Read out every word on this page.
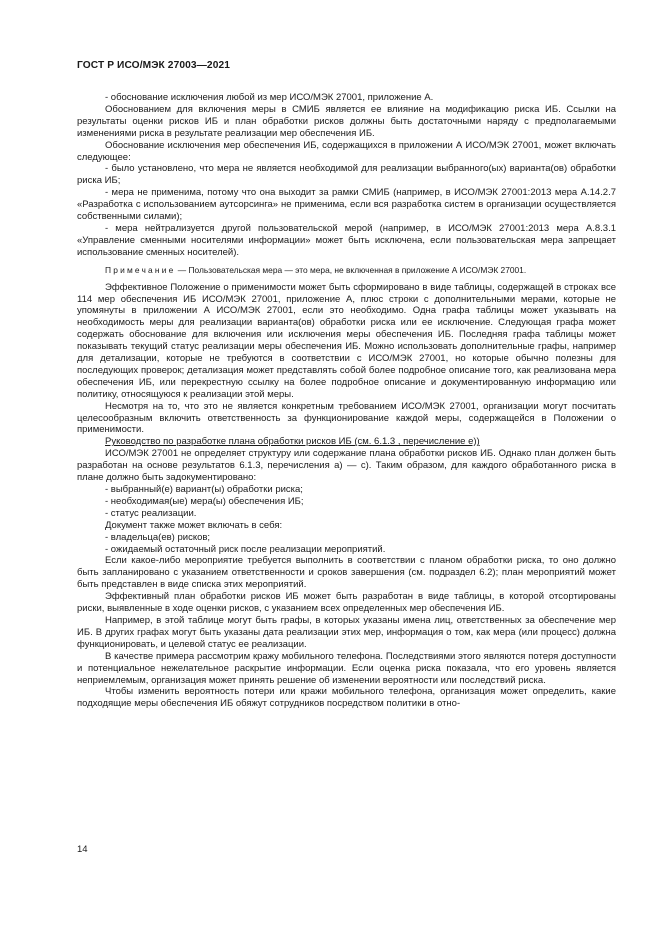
ГОСТ Р ИСО/МЭК 27003—2021

- обоснование исключения любой из мер ИСО/МЭК 27001, приложение А.

Обоснованием для включения меры в СМИБ является ее влияние на модификацию риска ИБ. Ссылки на результаты оценки рисков ИБ и план обработки рисков должны быть достаточными наряду с предполагаемыми изменениями риска в результате реализации мер обеспечения ИБ.

Обоснование исключения мер обеспечения ИБ, содержащихся в приложении А ИСО/МЭК 27001, может включать следующее:

- было установлено, что мера не является необходимой для реализации выбранного(ых) варианта(ов) обработки риска ИБ;

- мера не применима, потому что она выходит за рамки СМИБ (например, в ИСО/МЭК 27001:2013 мера А.14.2.7 «Разработка с использованием аутсорсинга» не применима, если вся разработка систем в организации осуществляется собственными силами);

- мера нейтрализуется другой пользовательской мерой (например, в ИСО/МЭК 27001:2013 мера А.8.3.1 «Управление сменными носителями информации» может быть исключена, если пользовательская мера запрещает использование сменных носителей).

Примечание — Пользовательская мера — это мера, не включенная в приложение А ИСО/МЭК 27001.

Эффективное Положение о применимости может быть сформировано в виде таблицы, содержащей в строках все 114 мер обеспечения ИБ ИСО/МЭК 27001, приложение А, плюс строки с дополнительными мерами, которые не упомянуты в приложении А ИСО/МЭК 27001, если это необходимо. Одна графа таблицы может указывать на необходимость меры для реализации варианта(ов) обработки риска или ее исключение. Следующая графа может содержать обоснование для включения или исключения меры обеспечения ИБ. Последняя графа таблицы может показывать текущий статус реализации меры обеспечения ИБ. Можно использовать дополнительные графы, например для детализации, которые не требуются в соответствии с ИСО/МЭК 27001, но которые обычно полезны для последующих проверок; детализация может представлять собой более подробное описание того, как реализована мера обеспечения ИБ, или перекрестную ссылку на более подробное описание и документированную информацию или политику, относящуюся к реализации этой меры.

Несмотря на то, что это не является конкретным требованием ИСО/МЭК 27001, организации могут посчитать целесообразным включить ответственность за функционирование каждой меры, содержащейся в Положении о применимости.

Руководство по разработке плана обработки рисков ИБ (см. 6.1.3 , перечисление е))

ИСО/МЭК 27001 не определяет структуру или содержание плана обработки рисков ИБ. Однако план должен быть разработан на основе результатов 6.1.3, перечисления а) — с). Таким образом, для каждого обработанного риска в плане должно быть задокументировано:

- выбранный(е) вариант(ы) обработки риска;

- необходимая(ые) мера(ы) обеспечения ИБ;

- статус реализации.

Документ также может включать в себя:

- владельца(ев) рисков;

- ожидаемый остаточный риск после реализации мероприятий.

Если какое-либо мероприятие требуется выполнить в соответствии с планом обработки риска, то оно должно быть запланировано с указанием ответственности и сроков завершения (см. подраздел 6.2); план мероприятий может быть представлен в виде списка этих мероприятий.

Эффективный план обработки рисков ИБ может быть разработан в виде таблицы, в которой отсортированы риски, выявленные в ходе оценки рисков, с указанием всех определенных мер обеспечения ИБ.

Например, в этой таблице могут быть графы, в которых указаны имена лиц, ответственных за обеспечение мер ИБ. В других графах могут быть указаны дата реализации этих мер, информация о том, как мера (или процесс) должна функционировать, и целевой статус ее реализации.

В качестве примера рассмотрим кражу мобильного телефона. Последствиями этого являются потеря доступности и потенциальное нежелательное раскрытие информации. Если оценка риска показала, что его уровень является неприемлемым, организация может принять решение об изменении вероятности или последствий риска.

Чтобы изменить вероятность потери или кражи мобильного телефона, организация может определить, какие подходящие меры обеспечения ИБ обяжут сотрудников посредством политики в отно-

14
